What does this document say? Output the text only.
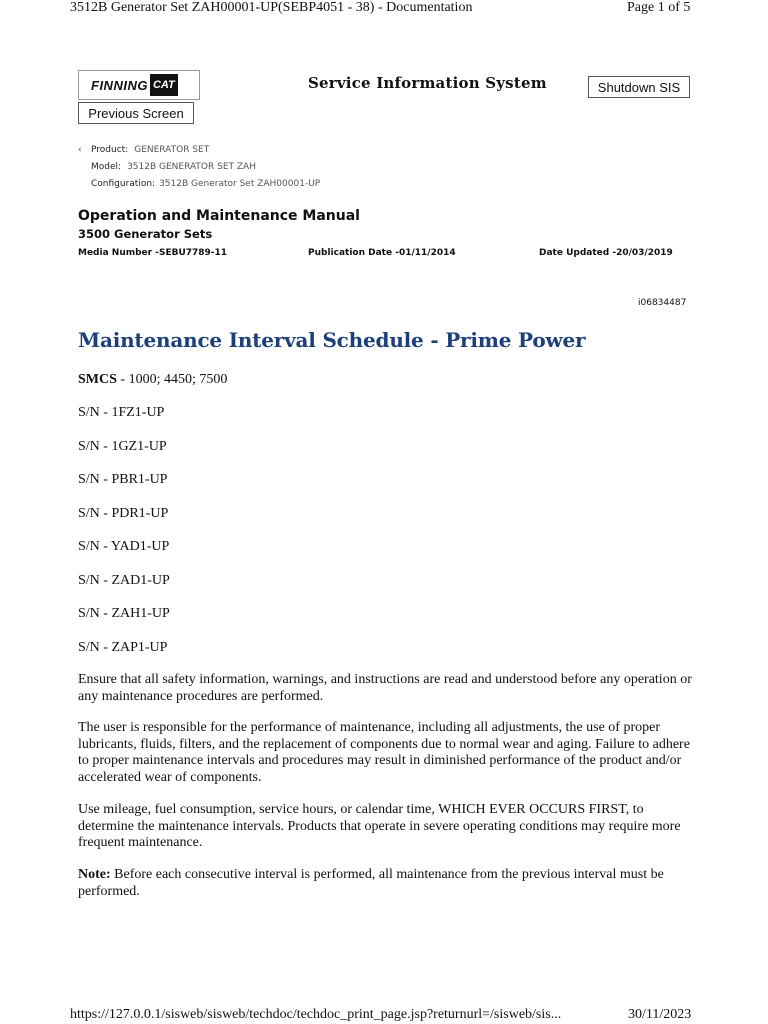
3512B Generator Set ZAH00001-UP(SEBP4051 - 38) - Documentation	Page 1 of 5
FINNING CAT	Service Information System	Shutdown SIS
Previous Screen
‹ Product: GENERATOR SET
Model: 3512B GENERATOR SET ZAH
Configuration: 3512B Generator Set ZAH00001-UP
Operation and Maintenance Manual
3500 Generator Sets
Media Number -SEBU7789-11	Publication Date -01/11/2014	Date Updated -20/03/2019
i06834487
Maintenance Interval Schedule - Prime Power
SMCS - 1000; 4450; 7500
S/N - 1FZ1-UP
S/N - 1GZ1-UP
S/N - PBR1-UP
S/N - PDR1-UP
S/N - YAD1-UP
S/N - ZAD1-UP
S/N - ZAH1-UP
S/N - ZAP1-UP
Ensure that all safety information, warnings, and instructions are read and understood before any operation or any maintenance procedures are performed.
The user is responsible for the performance of maintenance, including all adjustments, the use of proper lubricants, fluids, filters, and the replacement of components due to normal wear and aging. Failure to adhere to proper maintenance intervals and procedures may result in diminished performance of the product and/or accelerated wear of components.
Use mileage, fuel consumption, service hours, or calendar time, WHICH EVER OCCURS FIRST, to determine the maintenance intervals. Products that operate in severe operating conditions may require more frequent maintenance.
Note: Before each consecutive interval is performed, all maintenance from the previous interval must be performed.
https://127.0.0.1/sisweb/sisweb/techdoc/techdoc_print_page.jsp?returnurl=/sisweb/sis...	30/11/2023
